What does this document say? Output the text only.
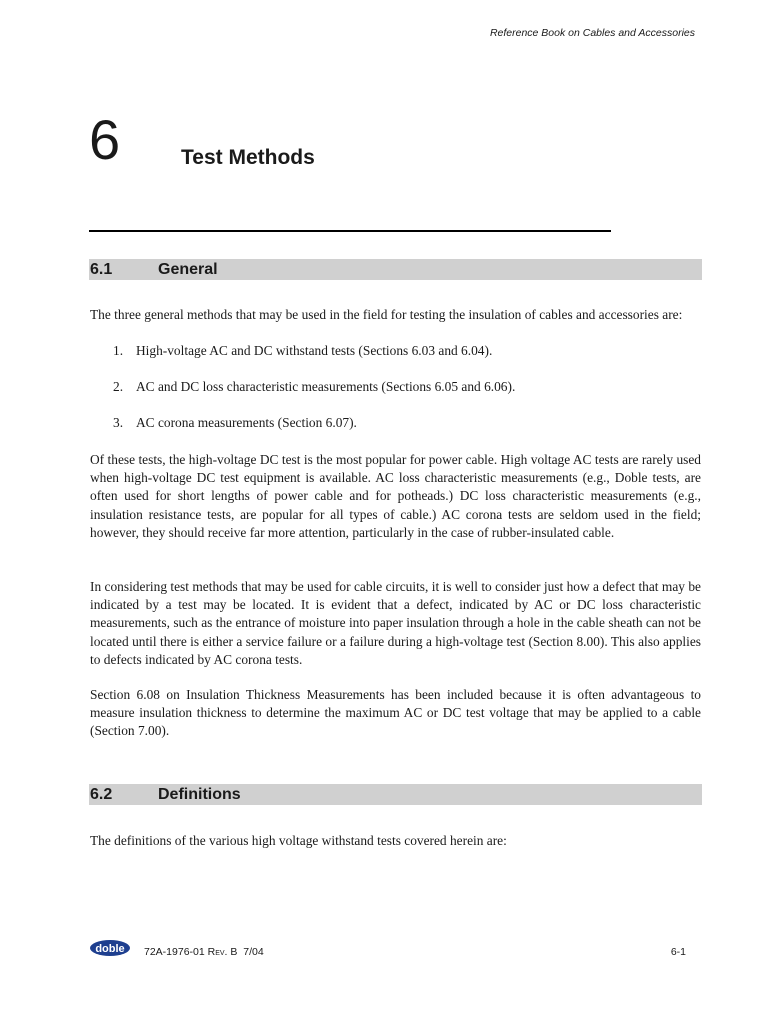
Reference Book on Cables and Accessories
6	Test Methods
6.1	General
The three general methods that may be used in the field for testing the insulation of cables and accessories are:
1. High-voltage AC and DC withstand tests (Sections 6.03 and 6.04).
2. AC and DC loss characteristic measurements (Sections 6.05 and 6.06).
3. AC corona measurements (Section 6.07).
Of these tests, the high-voltage DC test is the most popular for power cable. High voltage AC tests are rarely used when high-voltage DC test equipment is available. AC loss characteristic measurements (e.g., Doble tests, are often used for short lengths of power cable and for potheads.) DC loss characteristic measurements (e.g., insulation resistance tests, are popular for all types of cable.) AC corona tests are seldom used in the field; however, they should receive far more attention, particularly in the case of rubber-insulated cable.
In considering test methods that may be used for cable circuits, it is well to consider just how a defect that may be indicated by a test may be located. It is evident that a defect, indicated by AC or DC loss characteristic measurements, such as the entrance of moisture into paper insulation through a hole in the cable sheath can not be located until there is either a service failure or a failure during a high-voltage test (Section 8.00). This also applies to defects indicated by AC corona tests.
Section 6.08 on Insulation Thickness Measurements has been included because it is often advantageous to measure insulation thickness to determine the maximum AC or DC test voltage that may be applied to a cable (Section 7.00).
6.2	Definitions
The definitions of the various high voltage withstand tests covered herein are:
doble 72A-1976-01 Rev. B 7/04	6-1
